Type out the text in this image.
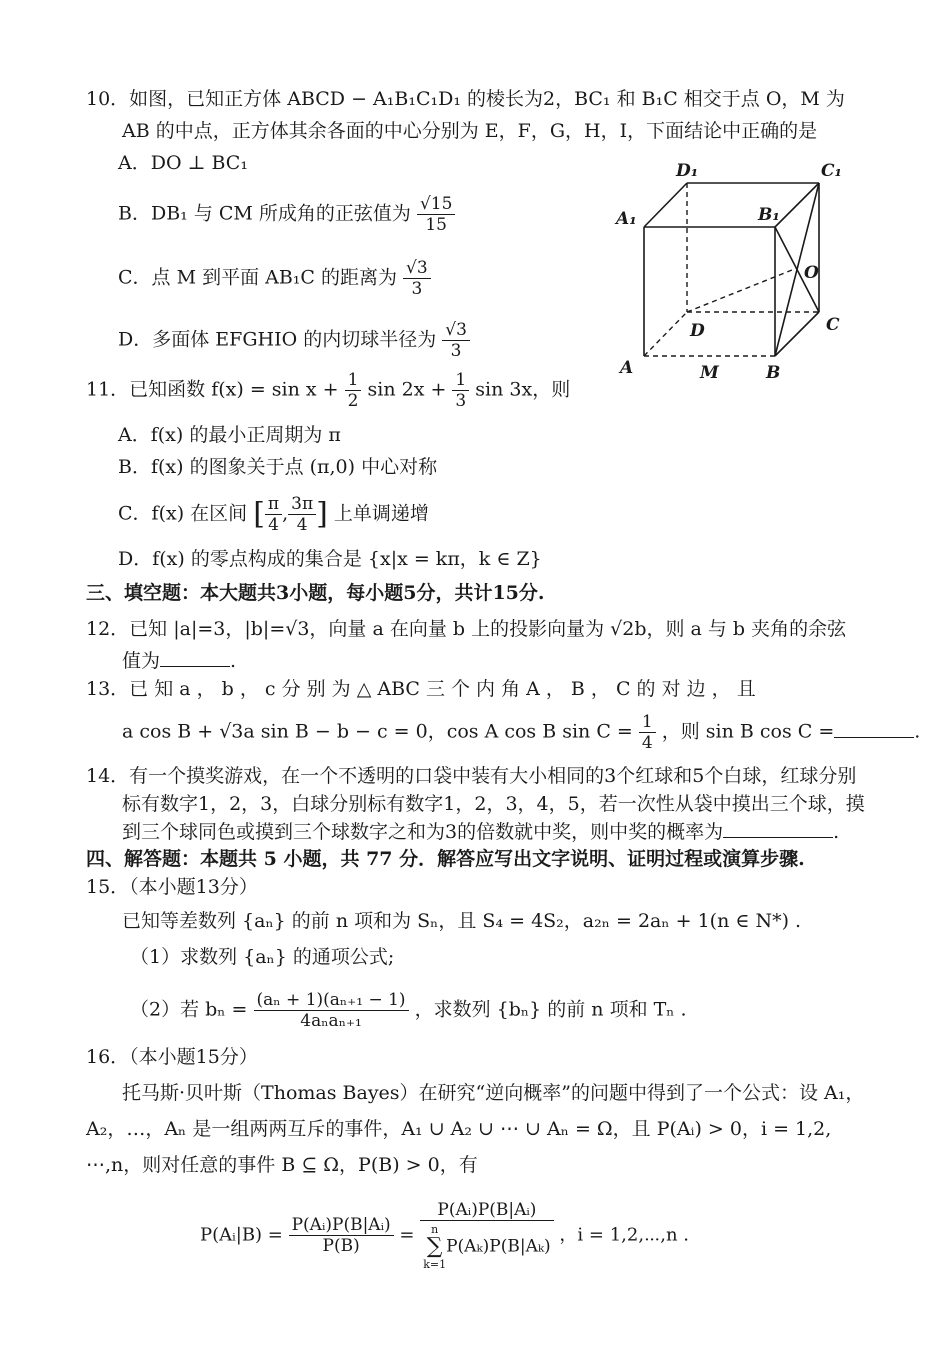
10．如图，已知正方体 ABCD − A₁B₁C₁D₁ 的棱长为2，BC₁ 和 B₁C 相交于点 O，M 为
AB 的中点，正方体其余各面的中心分别为 E，F，G，H，I，下面结论中正确的是
A．DO ⊥ BC₁
B．DB₁ 与 CM 所成角的正弦值为 $\frac{√15}{15}$
C．点 M 到平面 AB₁C 的距离为 $\frac{√3}{3}$
D．多面体 EFGHIO 的内切球半径为 $\frac{√3}{3}$
D₁	C₁
A₁	B₁
O
D	C
A	M	B
11．已知函数 $f(x) = \sin x + \frac{1}{2}$ $\sin 2x + \frac{1}{3}$ sin 3x，则
A．f(x) 的最小正周期为 π
B．f(x) 的图象关于点 (π,0) 中心对称
C．f(x) 在区间 [ $\frac{\pi}{4}$ , $\frac{3\pi}{4}$ ] 上单调递增
D．f(x) 的零点构成的集合是 {x|x = kπ，k ∈ Z}
三、填空题：本大题共3小题，每小题5分，共计15分.
12．已知 |a|=3，|b|=√3，向量 a 在向量 b 上的投影向量为 √2b，则 a 与 b 夹角的余弦
值为	.
13．已 知 a ， b ， c 分 别 为 △ ABC 三 个 内 角 A ， B ， C 的 对 边 ， 且
a cos B + √3a sin B − b − c = 0，cos A cos B $\sin C = \frac{1}{4}$ ，则 sin B cos C =	.
14．有一个摸奖游戏，在一个不透明的口袋中装有大小相同的3个红球和5个白球，红球分别
标有数字1，2，3，白球分别标有数字1，2，3，4，5，若一次性从袋中摸出三个球，摸
到三个球同色或摸到三个球数字之和为3的倍数就中奖，则中奖的概率为	.
四、解答题：本题共 5 小题，共 77 分．解答应写出文字说明、证明过程或演算步骤.
15．（本小题13分）
已知等差数列 {aₙ} 的前 n 项和为 Sₙ，且 S₄ = 4S₂，a₂ₙ = 2aₙ + 1(n ∈ N*) .
（1）求数列 {aₙ} 的通项公式;
（2）若 $b_n = \frac{\text{(aₙ + 1)(aₙ₊₁ − 1)}}{\text{4aₙaₙ₊₁}}$ ，求数列 {bₙ} 的前 n 项和 Tₙ .
16．（本小题15分）
托马斯·贝叶斯（Thomas Bayes）在研究“逆向概率”的问题中得到了一个公式：设 A₁，
A₂，…，Aₙ 是一组两两互斥的事件，A₁ ∪ A₂ ∪ ⋯ ∪ Aₙ = Ω，且 P(Aᵢ) > 0，i = 1,2,
⋯,n，则对任意的事件 B ⊆ Ω，P(B) > 0，有
P(Aᵢ|B) = $\frac{\text{P(Aᵢ)P(B|Aᵢ)}}{P(B)}$ = P(Aᵢ)P(B|Aᵢ)
n
∑
k=1
P(Aₖ)P(B|Aₖ) ，i = 1,2,⋯,n .
